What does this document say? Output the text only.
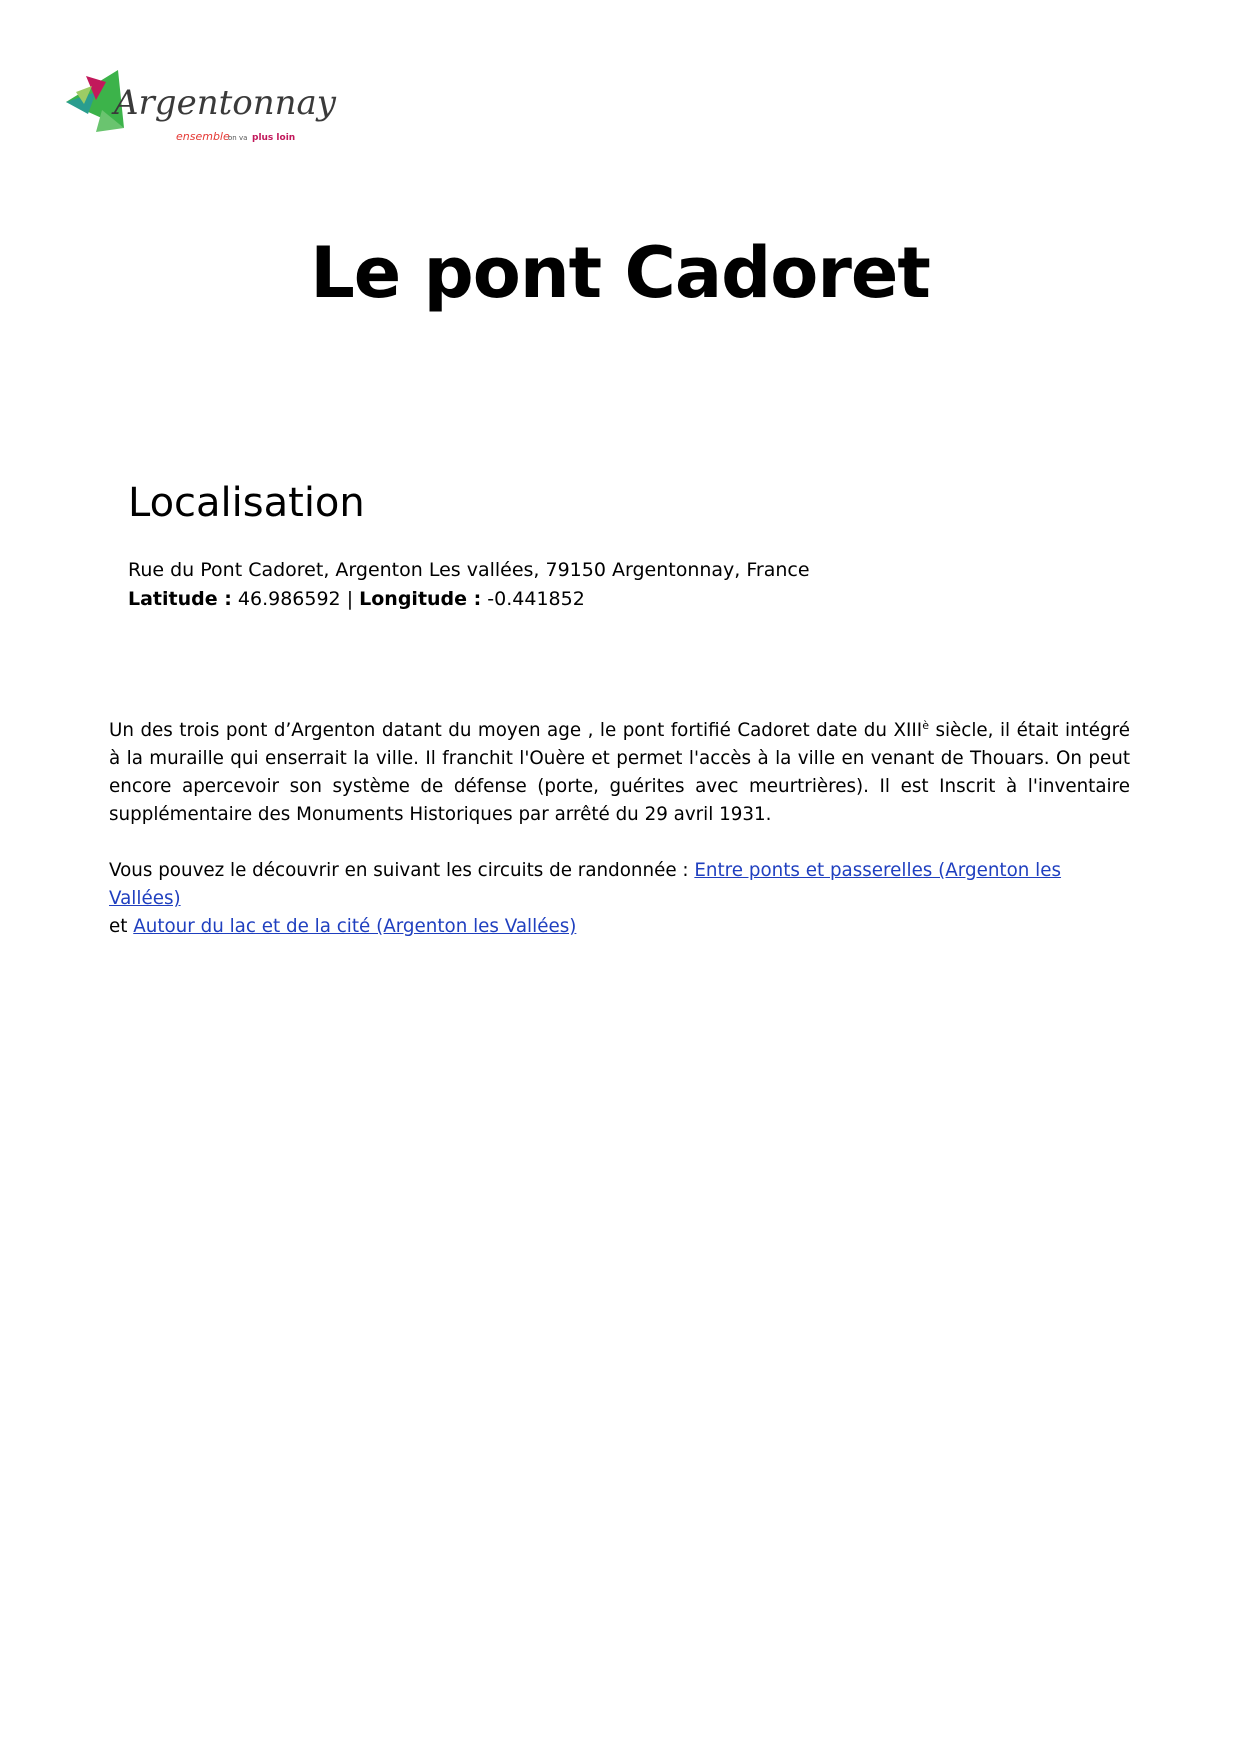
Argentonnay
ensemble
on va plus loin
Le pont Cadoret
Localisation

Rue du Pont Cadoret, Argenton Les vallées, 79150 Argentonnay, France

Latitude : 46.986592 | Longitude : -0.441852

Un des trois pont d’Argenton datant du moyen age , le pont fortifié Cadoret date du $XIII^è$ siècle, il était intégré à la muraille qui enserrait la ville. Il franchit l'Ouère et permet l'accès à la ville en venant de Thouars. On peut encore apercevoir son système de défense (porte, guérites avec meurtrières). Il est Inscrit à l'inventaire supplémentaire des Monuments Historiques par arrêté du 29 avril 1931.

Vous pouvez le découvrir en suivant les circuits de randonnée : Entre ponts et passerelles (Argenton les Vallées)
et Autour du lac et de la cité (Argenton les Vallées)
